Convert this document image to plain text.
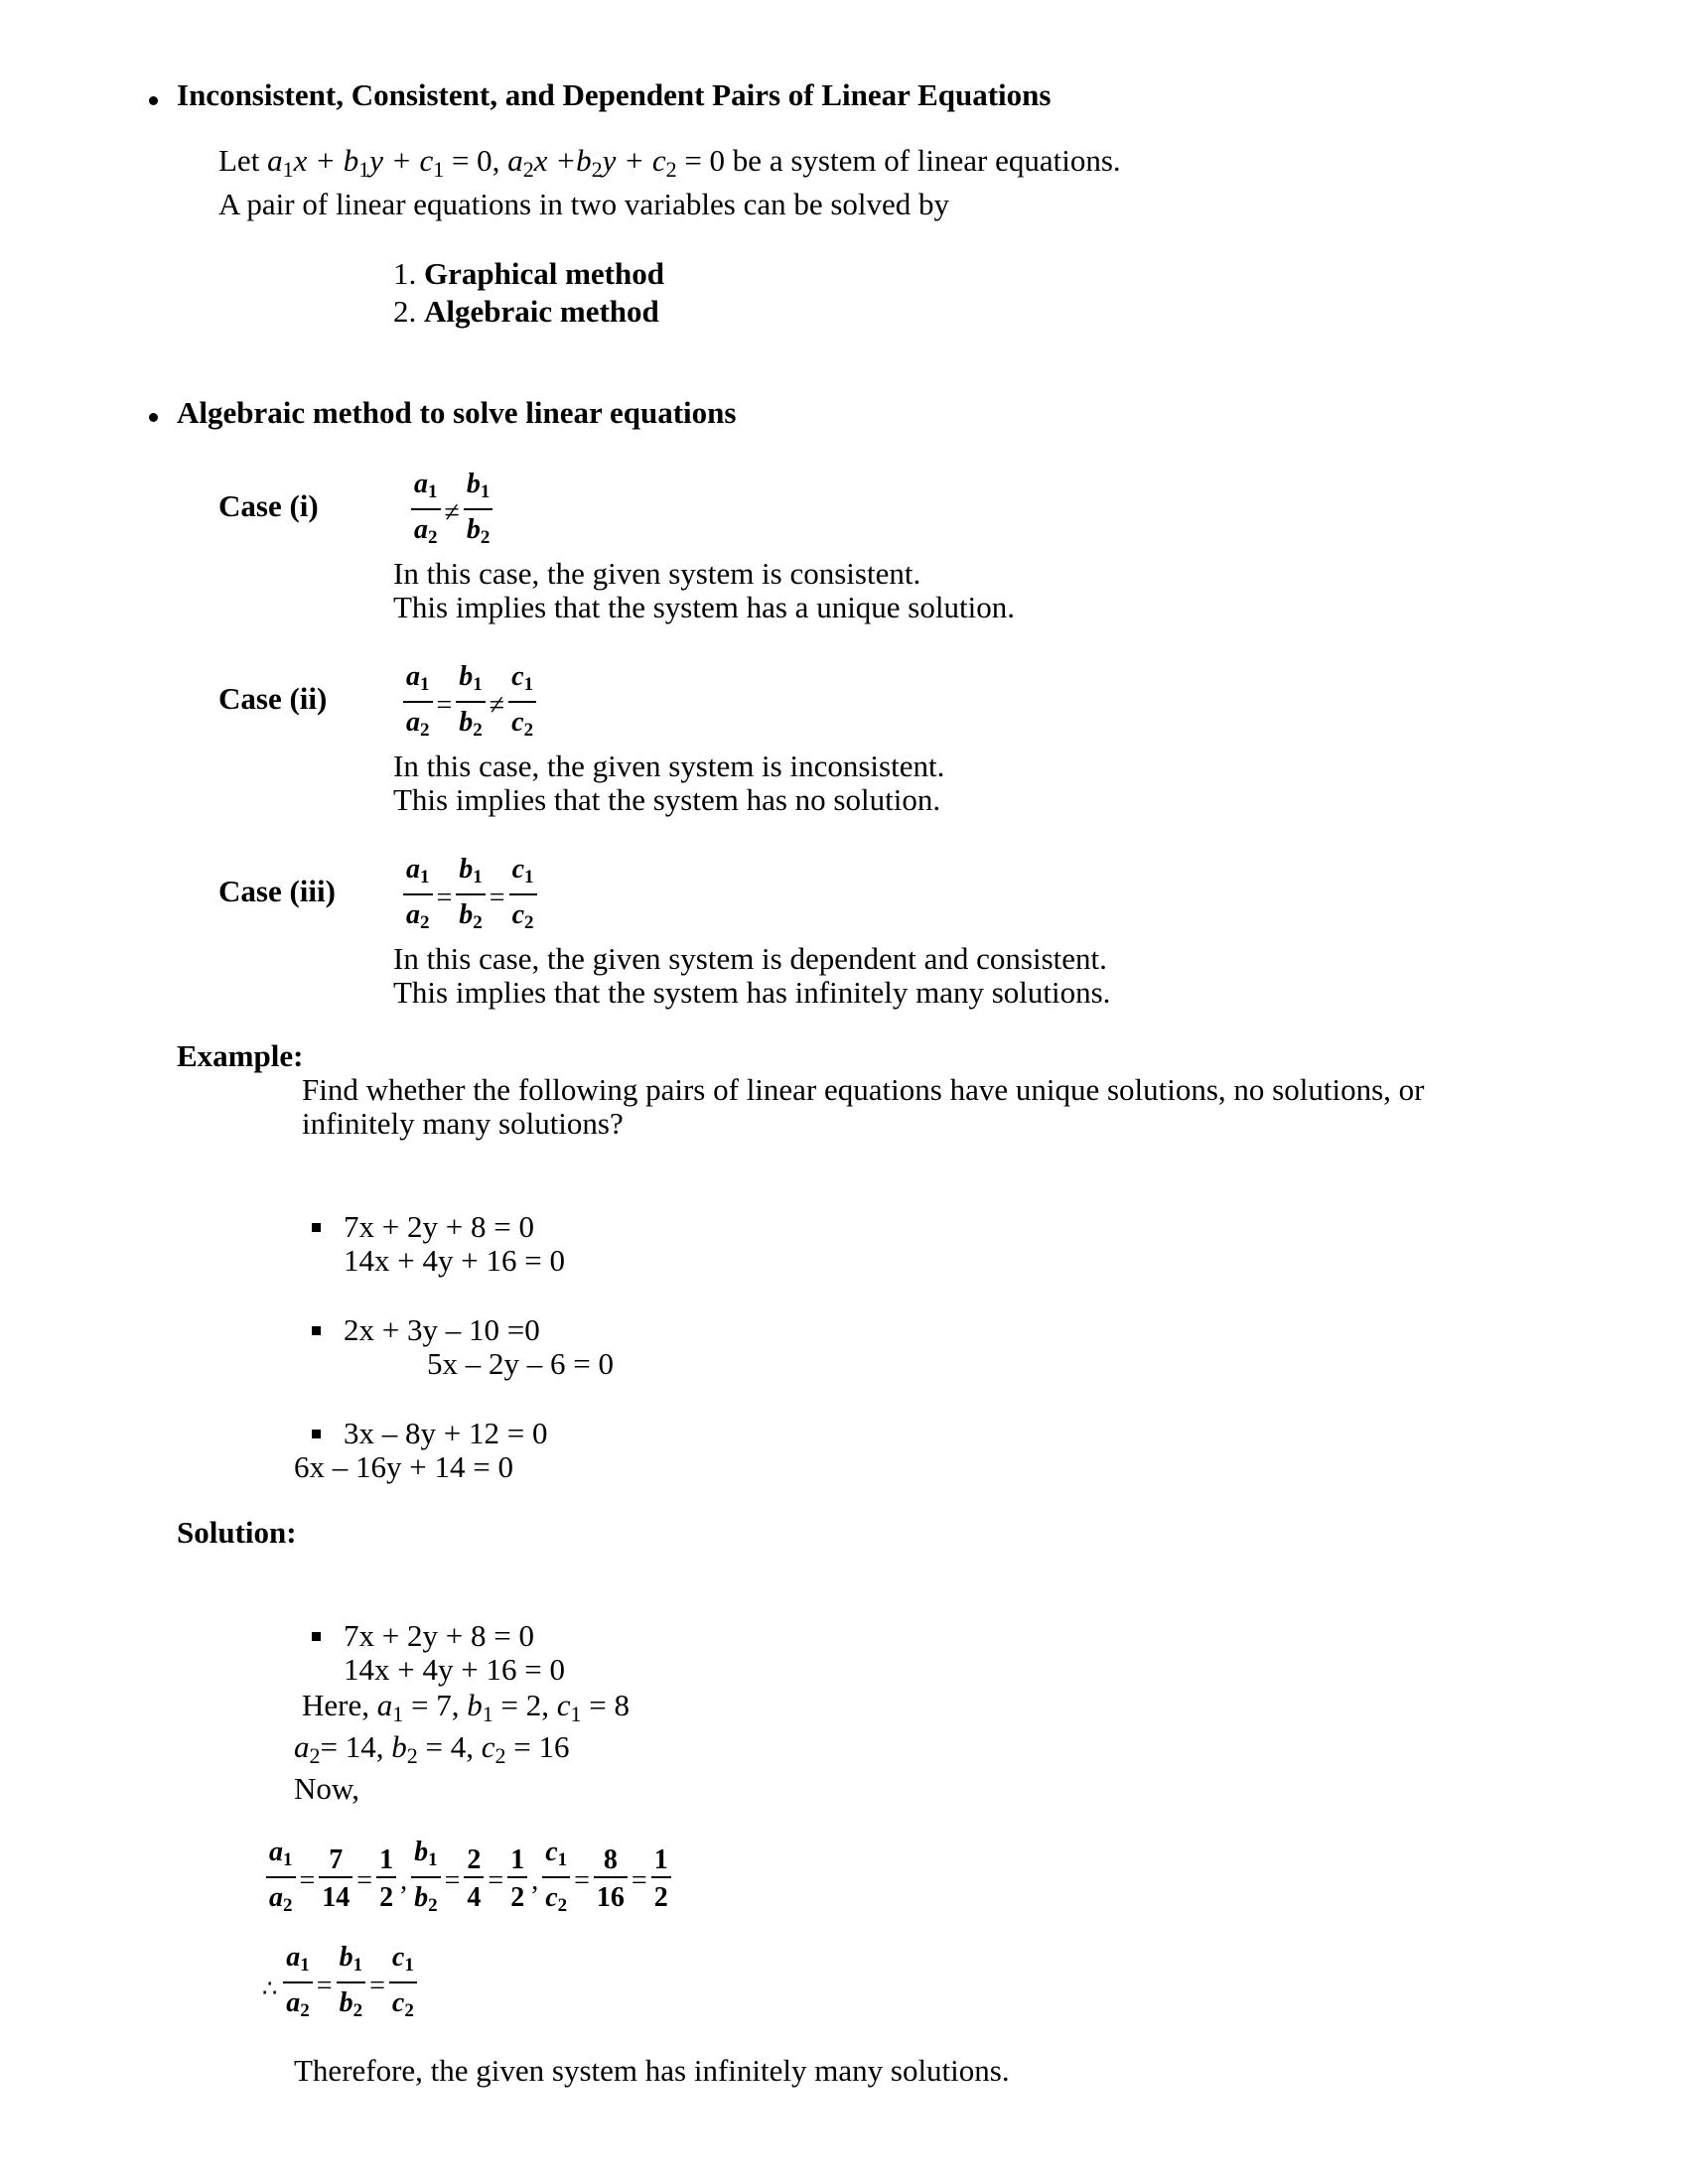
Inconsistent, Consistent, and Dependent Pairs of Linear Equations
Let $a_1x + b_1y + c_1 = 0$, $a_2x +b_2y + c_2 = 0$ be a system of linear equations.
A pair of linear equations in two variables can be solved by
1. Graphical method
2. Algebraic method
Algebraic method to solve linear equations
Case (i)	$\frac{a1}{a2} \ne \frac{b1}{b2}$
In this case, the given system is consistent.
This implies that the system has a unique solution.
Case (ii)	$\frac{a1}{a2} = \frac{b1}{b2} \ne \frac{c1}{c2}$
In this case, the given system is inconsistent.
This implies that the system has no solution.
Case $(iii) \frac{a1}{a2} = \frac{b1}{b2} = \frac{c1}{c2}$
In this case, the given system is dependent and consistent.
This implies that the system has infinitely many solutions.
Example:
Find whether the following pairs of linear equations have unique solutions, no solutions, or
infinitely many solutions?
7x + 2y + 8 = 0
14x + 4y + 16 = 0
2x + 3y – 10 =0
5x – 2y – 6 = 0
3x – 8y + 12 = 0
6x – 16y + 14 = 0
Solution:
7x + 2y + 8 = 0
14x + 4y + 16 = 0
Here, $a_1 = 7$, $b_1 = 2$, $c_1 = 8$
$a_2= 14$, $b_2 = 4$, $c_2 = 16$
Now,
$\frac{a1}{a2} = \frac{7}{14} = \frac{1}{2}$ , $\frac{b1}{b2} = \frac{2}{4} = \frac{1}{2}$ , $\frac{c1}{c2} = \frac{8}{16} = \frac{1}{2}$
∴ $\frac{a1}{a2} = \frac{b1}{b2} = \frac{c1}{c2}$
Therefore, the given system has infinitely many solutions.
